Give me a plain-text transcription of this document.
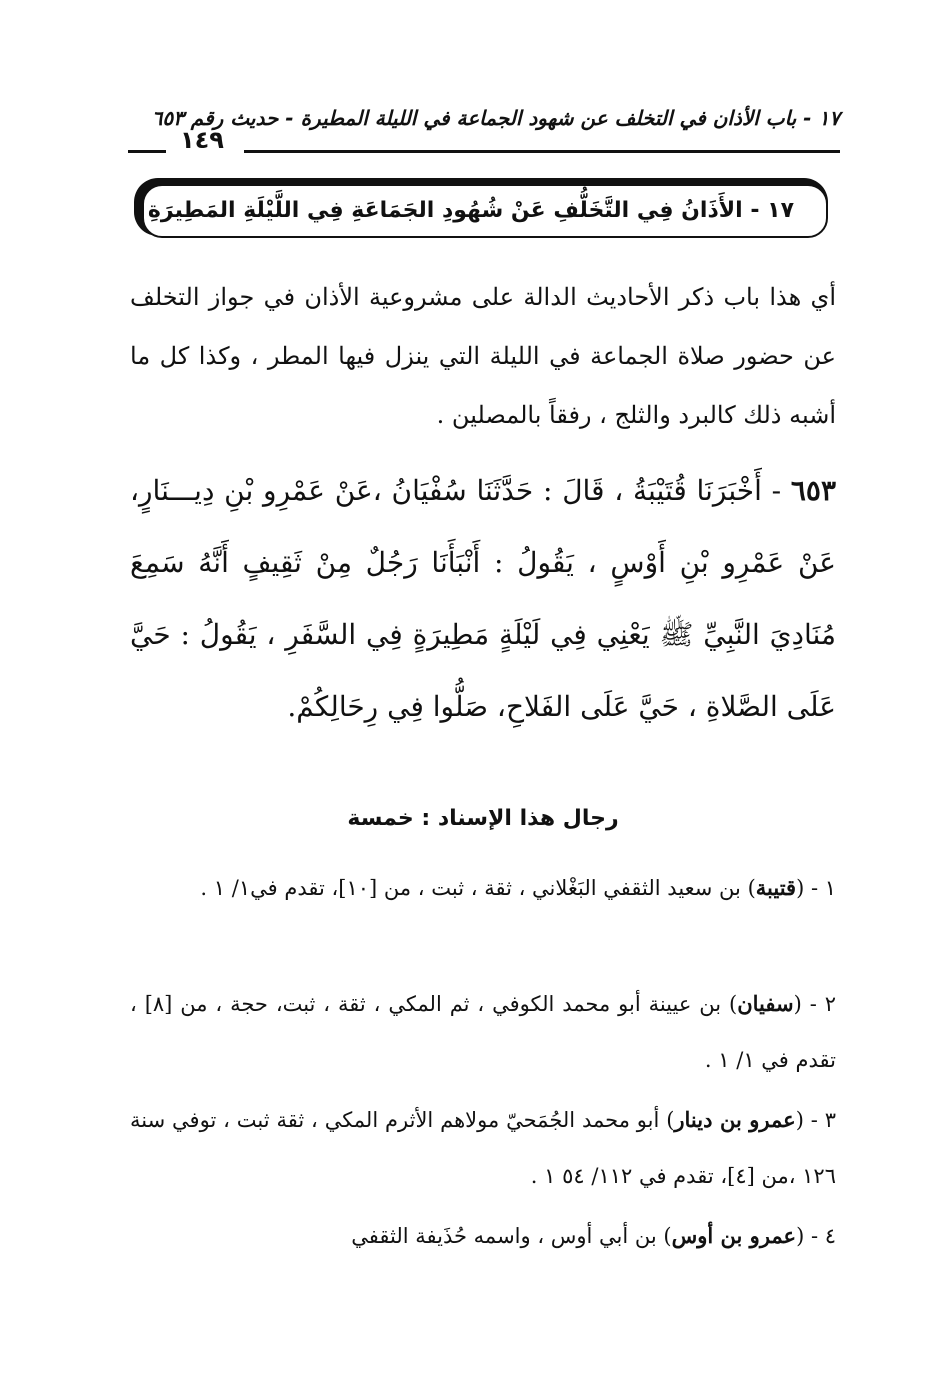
١٧ - باب الأذان في التخلف عن شهود الجماعة في الليلة المطيرة - حديث رقم ٦٥٣
١٤٩
١٧ - الأَذَانُ فِي التَّخَلُّفِ عَنْ شُهُودِ الجَمَاعَةِ فِي اللَّيْلَةِ المَطِيرَةِ

أي هذا باب ذكر الأحاديث الدالة على مشروعية الأذان في جواز التخلف عن حضور صلاة الجماعة في الليلة التي ينزل فيها المطر ، وكذا كل ما أشبه ذلك كالبرد والثلج ، رفقاً بالمصلين .

٦٥٣ - أَخْبَرَنَا قُتَيْبَةُ ، قَالَ : حَدَّثَنَا سُفْيَانُ ،عَنْ عَمْرِو بْنِ دِيـــنَارٍ، عَنْ عَمْرِو بْنِ أَوْسٍ ، يَقُولُ : أَنْبَأَنَا رَجُلٌ مِنْ ثَقِيفٍ أَنَّهُ سَمِعَ مُنَادِيَ النَّبِيِّ ﷺ يَعْنِي فِي لَيْلَةٍ مَطِيرَةٍ فِي السَّفَرِ ، يَقُولُ : حَيَّ عَلَى الصَّلاةِ ، حَيَّ عَلَى الفَلاحِ، صَلُّوا فِي رِحَالِكُمْ.
رجال هذا الإسناد : خمسة

١ - (قتيبة) بن سعيد الثقفي البَغْلاني ، ثقة ، ثبت ، من [١٠]، تقدم في١/ ١ .

٢ - (سفيان) بن عيينة أبو محمد الكوفي ، ثم المكي ، ثقة ، ثبت، حجة ، من [٨] ، تقدم في ١/ ١ .

٣ - (عمرو بن دينار) أبو محمد الجُمَحيّ مولاهم الأثرم المكي ، ثقة ثبت ، توفي سنة ١٢٦ ،من [٤]، تقدم في ١١٢/ ٥٤ ١ .

٤ - (عمرو بن أوس) بن أبي أوس ، واسمه حُذَيفة الثقفي
